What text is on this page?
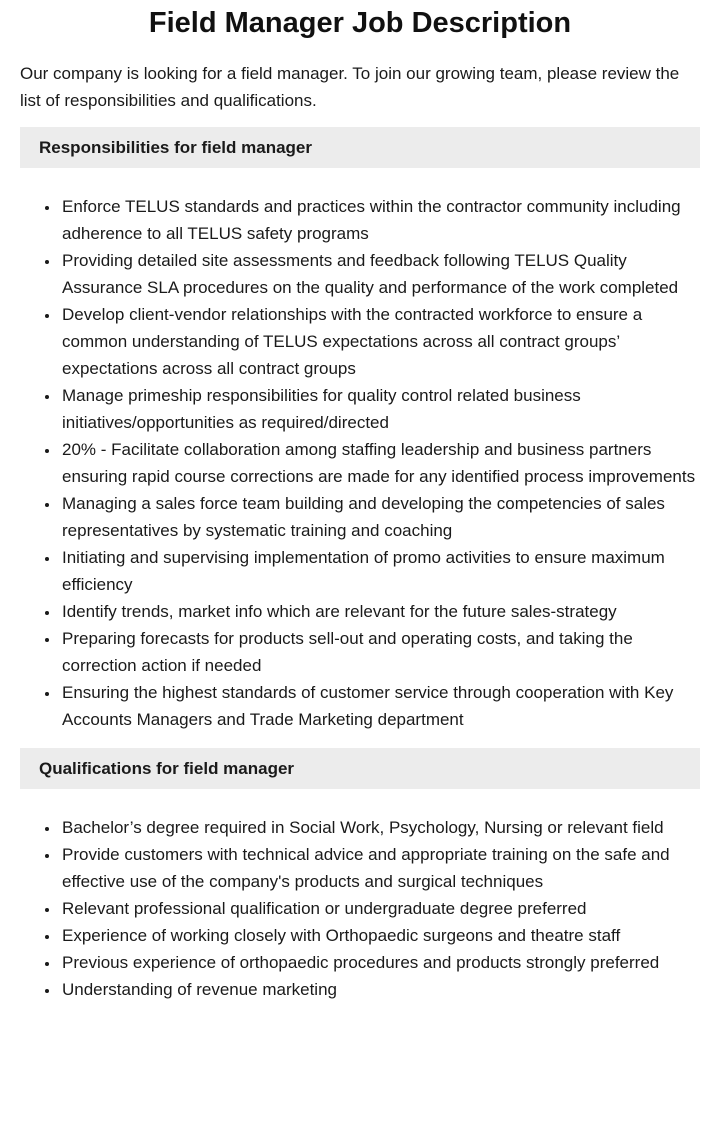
Field Manager Job Description

Our company is looking for a field manager. To join our growing team, please review the list of responsibilities and qualifications.

Responsibilities for field manager
• Enforce TELUS standards and practices within the contractor community including adherence to all TELUS safety programs
• Providing detailed site assessments and feedback following TELUS Quality Assurance SLA procedures on the quality and performance of the work completed
• Develop client-vendor relationships with the contracted workforce to ensure a common understanding of TELUS expectations across all contract groups’ expectations across all contract groups
• Manage primeship responsibilities for quality control related business initiatives/opportunities as required/directed
• 20% - Facilitate collaboration among staffing leadership and business partners ensuring rapid course corrections are made for any identified process improvements
• Managing a sales force team building and developing the competencies of sales representatives by systematic training and coaching
• Initiating and supervising implementation of promo activities to ensure maximum efficiency
• Identify trends, market info which are relevant for the future sales-strategy
• Preparing forecasts for products sell-out and operating costs, and taking the correction action if needed
• Ensuring the highest standards of customer service through cooperation with Key Accounts Managers and Trade Marketing department
Qualifications for field manager
• Bachelor’s degree required in Social Work, Psychology, Nursing or relevant field
• Provide customers with technical advice and appropriate training on the safe and effective use of the company's products and surgical techniques
• Relevant professional qualification or undergraduate degree preferred
• Experience of working closely with Orthopaedic surgeons and theatre staff
• Previous experience of orthopaedic procedures and products strongly preferred
• Understanding of revenue marketing
